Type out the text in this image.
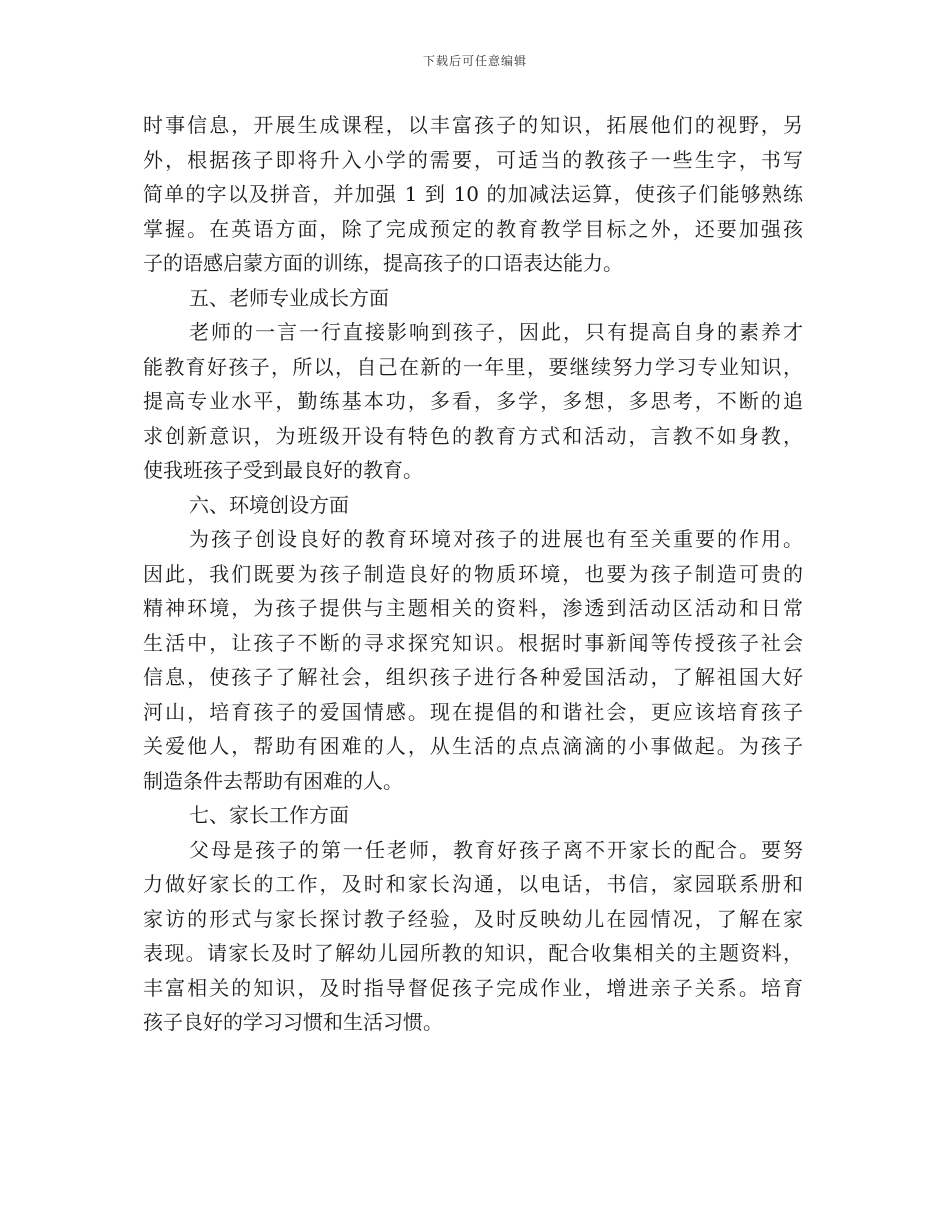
下载后可任意编辑
时事信息，开展生成课程，以丰富孩子的知识，拓展他们的视野，另
外，根据孩子即将升入小学的需要，可适当的教孩子一些生字，书写
简单的字以及拼音，并加强 1 到 10 的加减法运算，使孩子们能够熟练
掌握。在英语方面，除了完成预定的教育教学目标之外，还要加强孩
子的语感启蒙方面的训练，提高孩子的口语表达能力。
五、老师专业成长方面
老师的一言一行直接影响到孩子，因此，只有提高自身的素养才
能教育好孩子，所以，自己在新的一年里，要继续努力学习专业知识，
提高专业水平，勤练基本功，多看，多学，多想，多思考，不断的追
求创新意识，为班级开设有特色的教育方式和活动，言教不如身教，
使我班孩子受到最良好的教育。
六、环境创设方面
为孩子创设良好的教育环境对孩子的进展也有至关重要的作用。
因此，我们既要为孩子制造良好的物质环境，也要为孩子制造可贵的
精神环境，为孩子提供与主题相关的资料，渗透到活动区活动和日常
生活中，让孩子不断的寻求探究知识。根据时事新闻等传授孩子社会
信息，使孩子了解社会，组织孩子进行各种爱国活动，了解祖国大好
河山，培育孩子的爱国情感。现在提倡的和谐社会，更应该培育孩子
关爱他人，帮助有困难的人，从生活的点点滴滴的小事做起。为孩子
制造条件去帮助有困难的人。
七、家长工作方面
父母是孩子的第一任老师，教育好孩子离不开家长的配合。要努
力做好家长的工作，及时和家长沟通，以电话，书信，家园联系册和
家访的形式与家长探讨教子经验，及时反映幼儿在园情况，了解在家
表现。请家长及时了解幼儿园所教的知识，配合收集相关的主题资料，
丰富相关的知识，及时指导督促孩子完成作业，增进亲子关系。培育
孩子良好的学习习惯和生活习惯。
